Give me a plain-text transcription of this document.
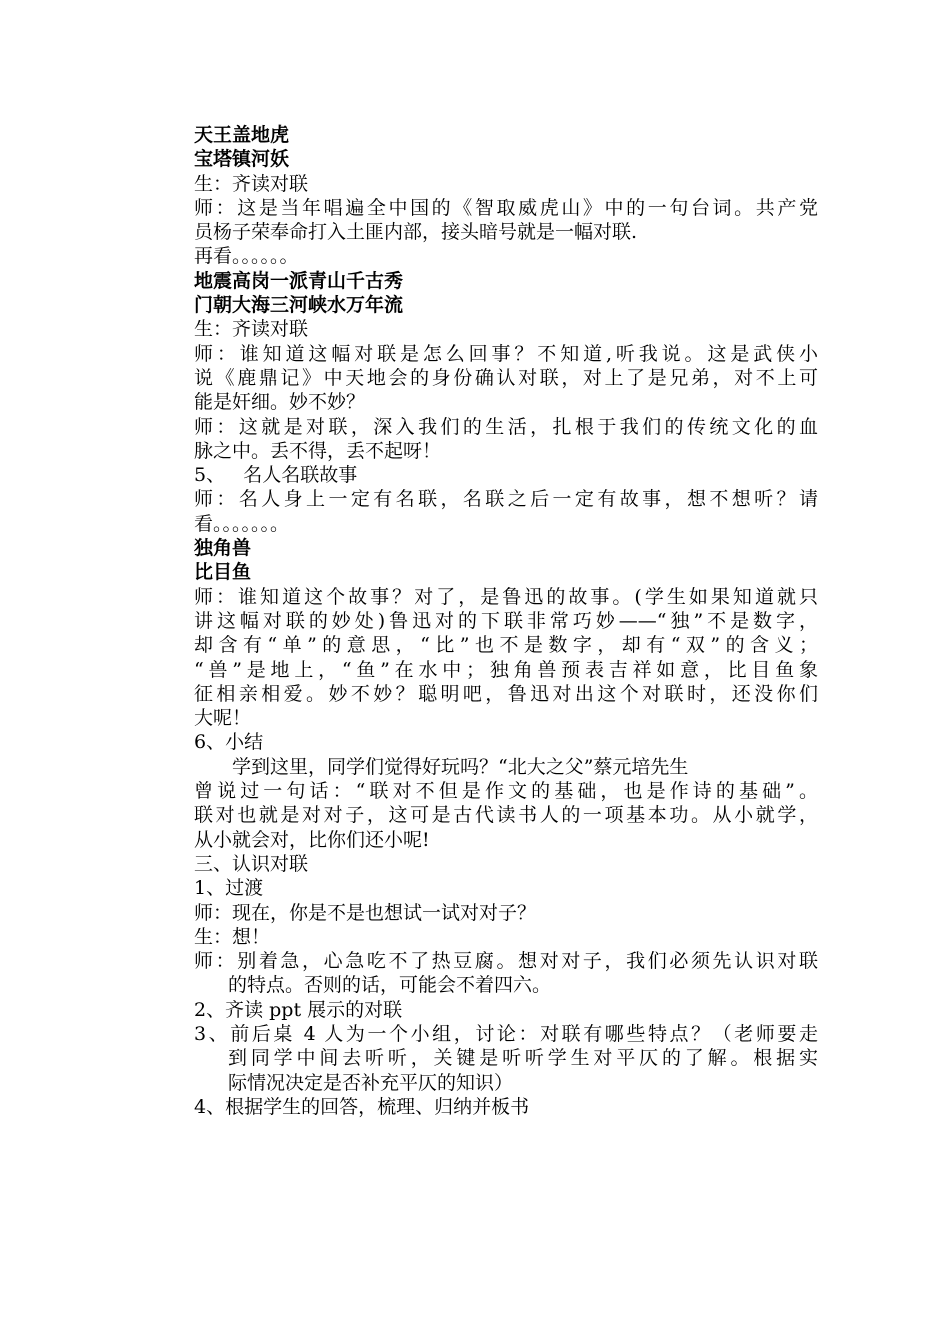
天王盖地虎
宝塔镇河妖
生：齐读对联
师：这是当年唱遍全中国的《智取威虎山》中的一句台词。共产党
员杨子荣奉命打入土匪内部，接头暗号就是一幅对联.
再看。。。。。。
地震高岗一派青山千古秀
门朝大海三河峡水万年流
生：齐读对联
师：谁知道这幅对联是怎么回事？不知道,听我说。这是武侠小
说《鹿鼎记》中天地会的身份确认对联，对上了是兄弟，对不上可
能是奸细。妙不妙？
师：这就是对联，深入我们的生活，扎根于我们的传统文化的血
脉之中。丢不得，丢不起呀！
5、   名人名联故事
师：名人身上一定有名联，名联之后一定有故事，想不想听？请
看。。。。。。。
独角兽
比目鱼
师：谁知道这个故事？对了，是鲁迅的故事。(学生如果知道就只
讲这幅对联的妙处)鲁迅对的下联非常巧妙——“独”不是数字，
却含有“单”的意思，“比”也不是数字，却有“双”的含义；
“兽”是地上，“鱼”在水中；独角兽预表吉祥如意，比目鱼象
征相亲相爱。妙不妙？聪明吧，鲁迅对出这个对联时，还没你们
大呢！
6、小结
学到这里，同学们觉得好玩吗？“北大之父”蔡元培先生
曾说过一句话：“联对不但是作文的基础，也是作诗的基础”。
联对也就是对对子，这可是古代读书人的一项基本功。从小就学，
从小就会对，比你们还小呢!
三、认识对联
1、过渡
师：现在，你是不是也想试一试对对子？
生：想！
师：别着急，心急吃不了热豆腐。想对对子，我们必须先认识对联
的特点。否则的话，可能会不着四六。
2、齐读 ppt 展示的对联
3、前后桌 4 人为一个小组，讨论：对联有哪些特点？（老师要走
到同学中间去听听，关键是听听学生对平仄的了解。根据实
际情况决定是否补充平仄的知识）
4、根据学生的回答，梳理、归纳并板书
